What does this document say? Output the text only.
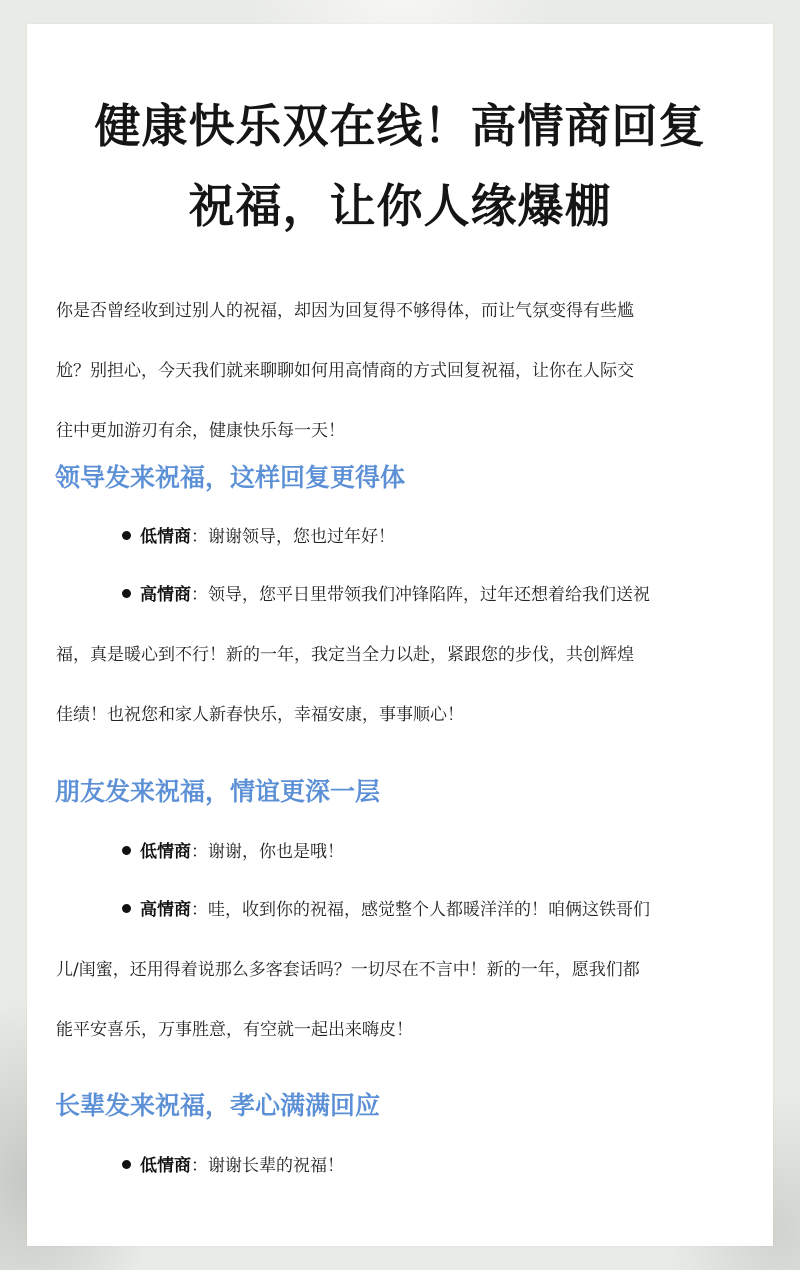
健康快乐双在线！高情商回复
祝福，让你人缘爆棚

你是否曾经收到过别人的祝福，却因为回复得不够得体，而让气氛变得有些尴
尬？别担心，今天我们就来聊聊如何用高情商的方式回复祝福，让你在人际交
往中更加游刃有余，健康快乐每一天！

领导发来祝福，这样回复更得体

低情商：谢谢领导，您也过年好！

高情商：领导，您平日里带领我们冲锋陷阵，过年还想着给我们送祝
福，真是暖心到不行！新的一年，我定当全力以赴，紧跟您的步伐，共创辉煌
佳绩！也祝您和家人新春快乐，幸福安康，事事顺心！

朋友发来祝福，情谊更深一层

低情商：谢谢，你也是哦！

高情商：哇，收到你的祝福，感觉整个人都暖洋洋的！咱俩这铁哥们
儿/闺蜜，还用得着说那么多客套话吗？一切尽在不言中！新的一年，愿我们都
能平安喜乐，万事胜意，有空就一起出来嗨皮！

长辈发来祝福，孝心满满回应

低情商：谢谢长辈的祝福！
